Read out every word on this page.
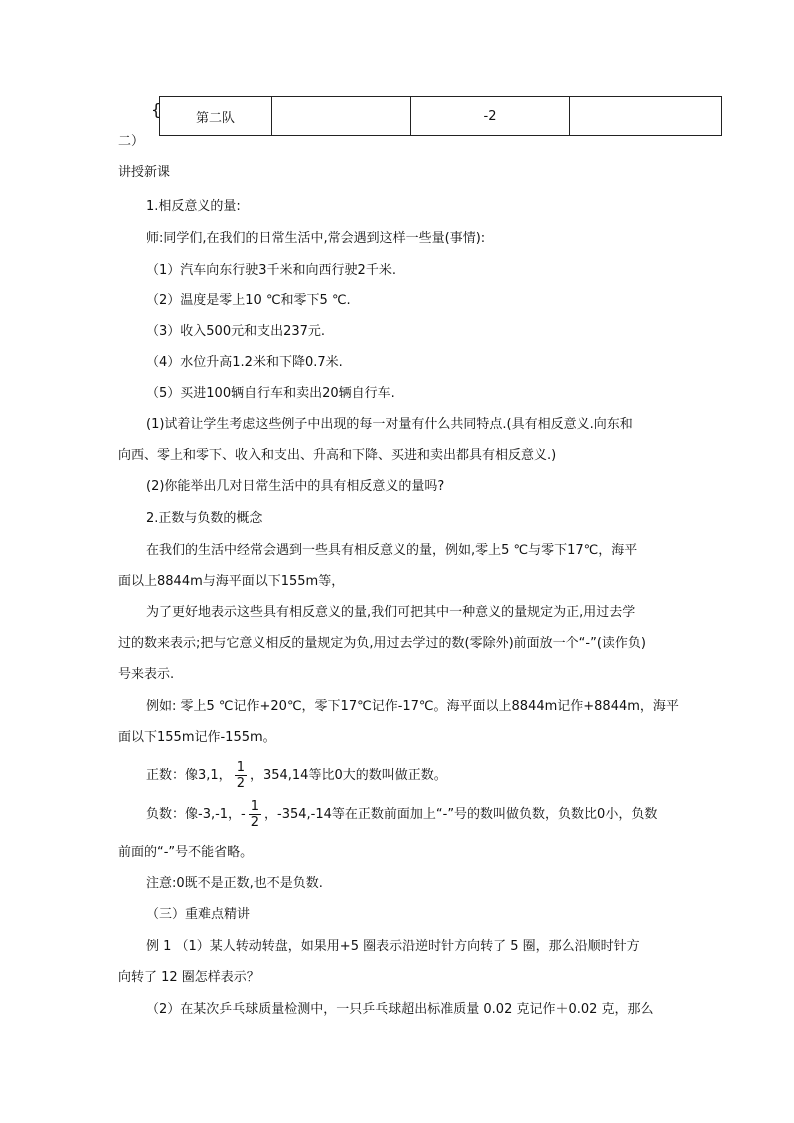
{	第二队		-2	
二）
讲授新课
1.相反意义的量:
师:同学们,在我们的日常生活中,常会遇到这样一些量(事情):
（1）汽车向东行驶3千米和向西行驶2千米.
（2）温度是零上10 ℃和零下5 ℃.
（3）收入500元和支出237元.
（4）水位升高1.2米和下降0.7米.
（5）买进100辆自行车和卖出20辆自行车.
(1)试着让学生考虑这些例子中出现的每一对量有什么共同特点.(具有相反意义.向东和
向西、零上和零下、收入和支出、升高和下降、买进和卖出都具有相反意义.)
(2)你能举出几对日常生活中的具有相反意义的量吗?
2.正数与负数的概念
在我们的生活中经常会遇到一些具有相反意义的量，例如,零上5 ℃与零下17℃，海平
面以上8844m与海平面以下155m等，
为了更好地表示这些具有相反意义的量,我们可把其中一种意义的量规定为正,用过去学
过的数来表示;把与它意义相反的量规定为负,用过去学过的数(零除外)前面放一个“-”(读作负)
号来表示.
例如: 零上5 ℃记作+20℃，零下17℃记作-17℃。海平面以上8844m记作+8844m，海平
面以下155m记作-155m。
正数：像3,1， $\frac{1}{2}$ ，354,14等比0大的数叫做正数。
负数：像-3,-1，- $\frac{1}{2}$ ，-354,-14等在正数前面加上“-”号的数叫做负数，负数比0小，负数
前面的“-”号不能省略。
注意:0既不是正数,也不是负数.
（三）重难点精讲
例 1 （1）某人转动转盘，如果用+5 圈表示沿逆时针方向转了 5 圈，那么沿顺时针方
向转了 12 圈怎样表示？
（2）在某次乒乓球质量检测中，一只乒乓球超出标准质量 0.02 克记作＋0.02 克，那么
